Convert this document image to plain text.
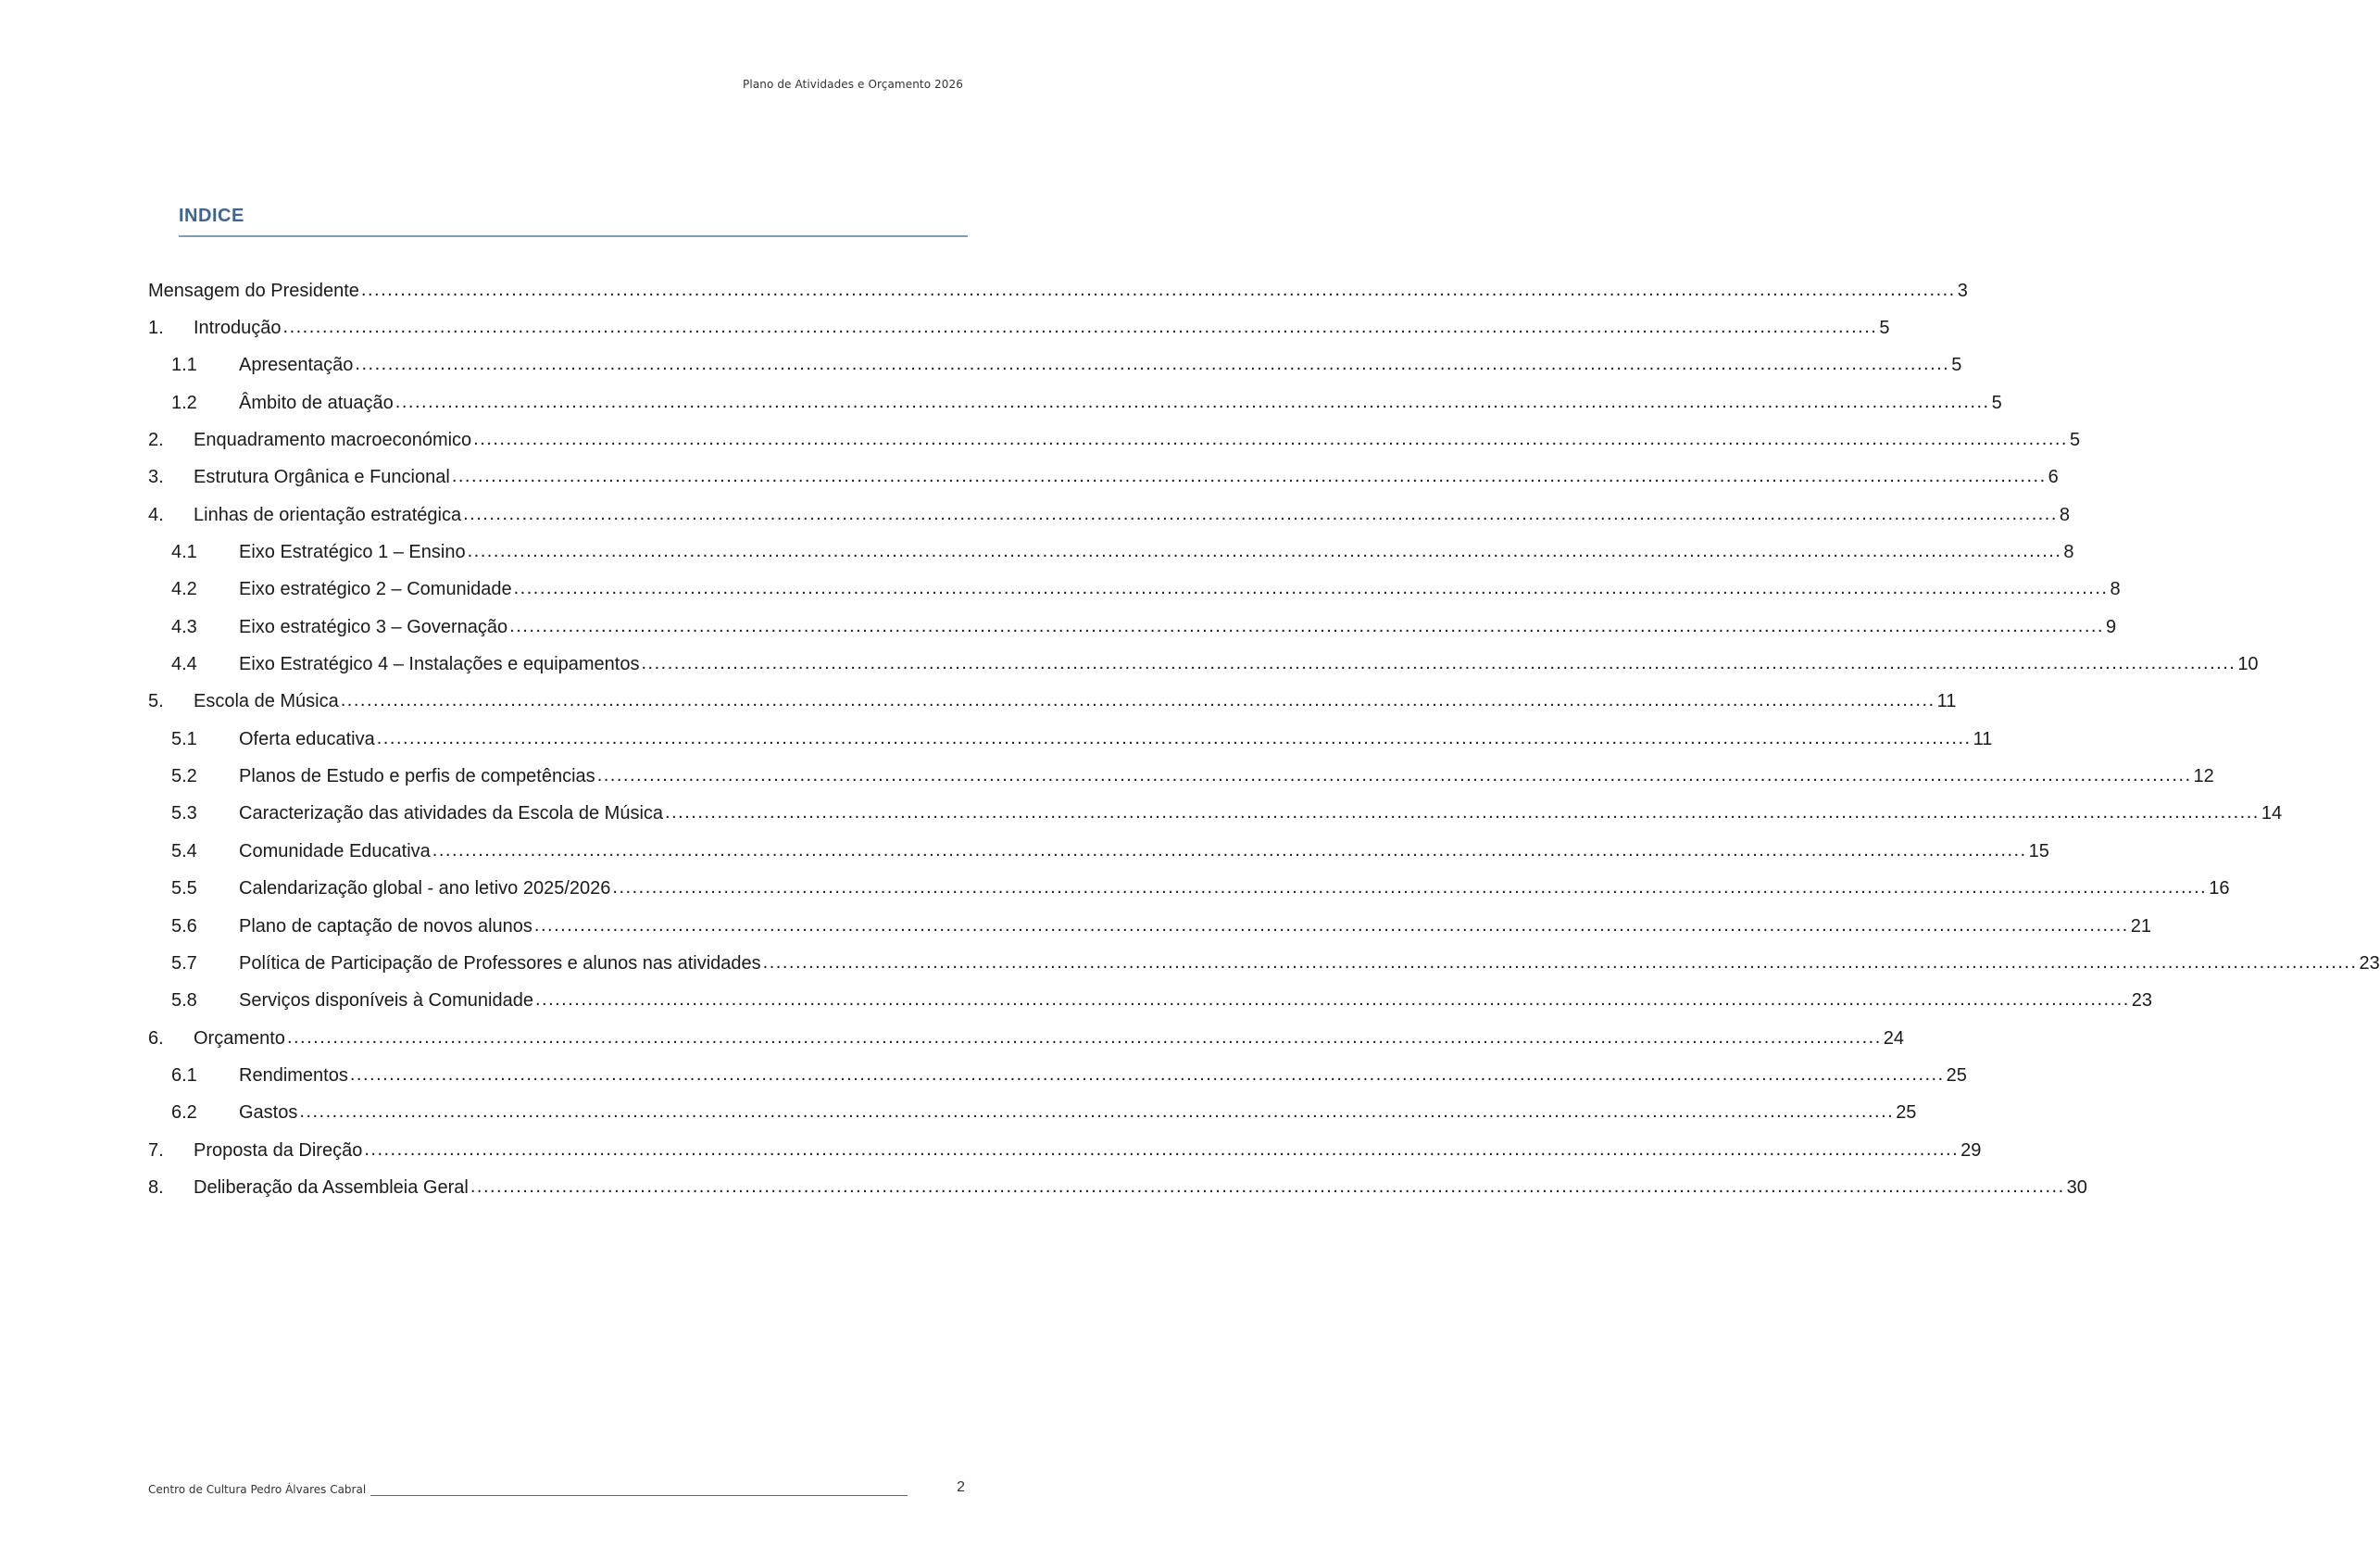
Plano de Atividades e Orçamento 2026
INDICE
Mensagem do Presidente .....	3
1.	Introdução .....	5
1.1	Apresentação .....	5
1.2	Âmbito de atuação .....	5
2.	Enquadramento macroeconómico .....	5
3.	Estrutura Orgânica e Funcional .....	6
4.	Linhas de orientação estratégica .....	8
4.1	Eixo Estratégico 1 – Ensino .....	8
4.2	Eixo estratégico 2 – Comunidade .....	8
4.3	Eixo estratégico 3 – Governação .....	9
4.4	Eixo Estratégico 4 – Instalações e equipamentos .....	10
5.	Escola de Música .....	11
5.1	Oferta educativa .....	11
5.2	Planos de Estudo e perfis de competências .....	12
5.3	Caracterização das atividades da Escola de Música .....	14
5.4	Comunidade Educativa .....	15
5.5	Calendarização global - ano letivo 2025/2026 .....	16
5.6	Plano de captação de novos alunos .....	21
5.7	Política de Participação de Professores e alunos nas atividades .....	23
5.8	Serviços disponíveis à Comunidade .....	23
6.	Orçamento .....	24
6.1	Rendimentos .....	25
6.2	Gastos .....	25
7.	Proposta da Direção .....	29
8.	Deliberação da Assembleia Geral .....	30
Centro de Cultura Pedro Álvares Cabral	2
